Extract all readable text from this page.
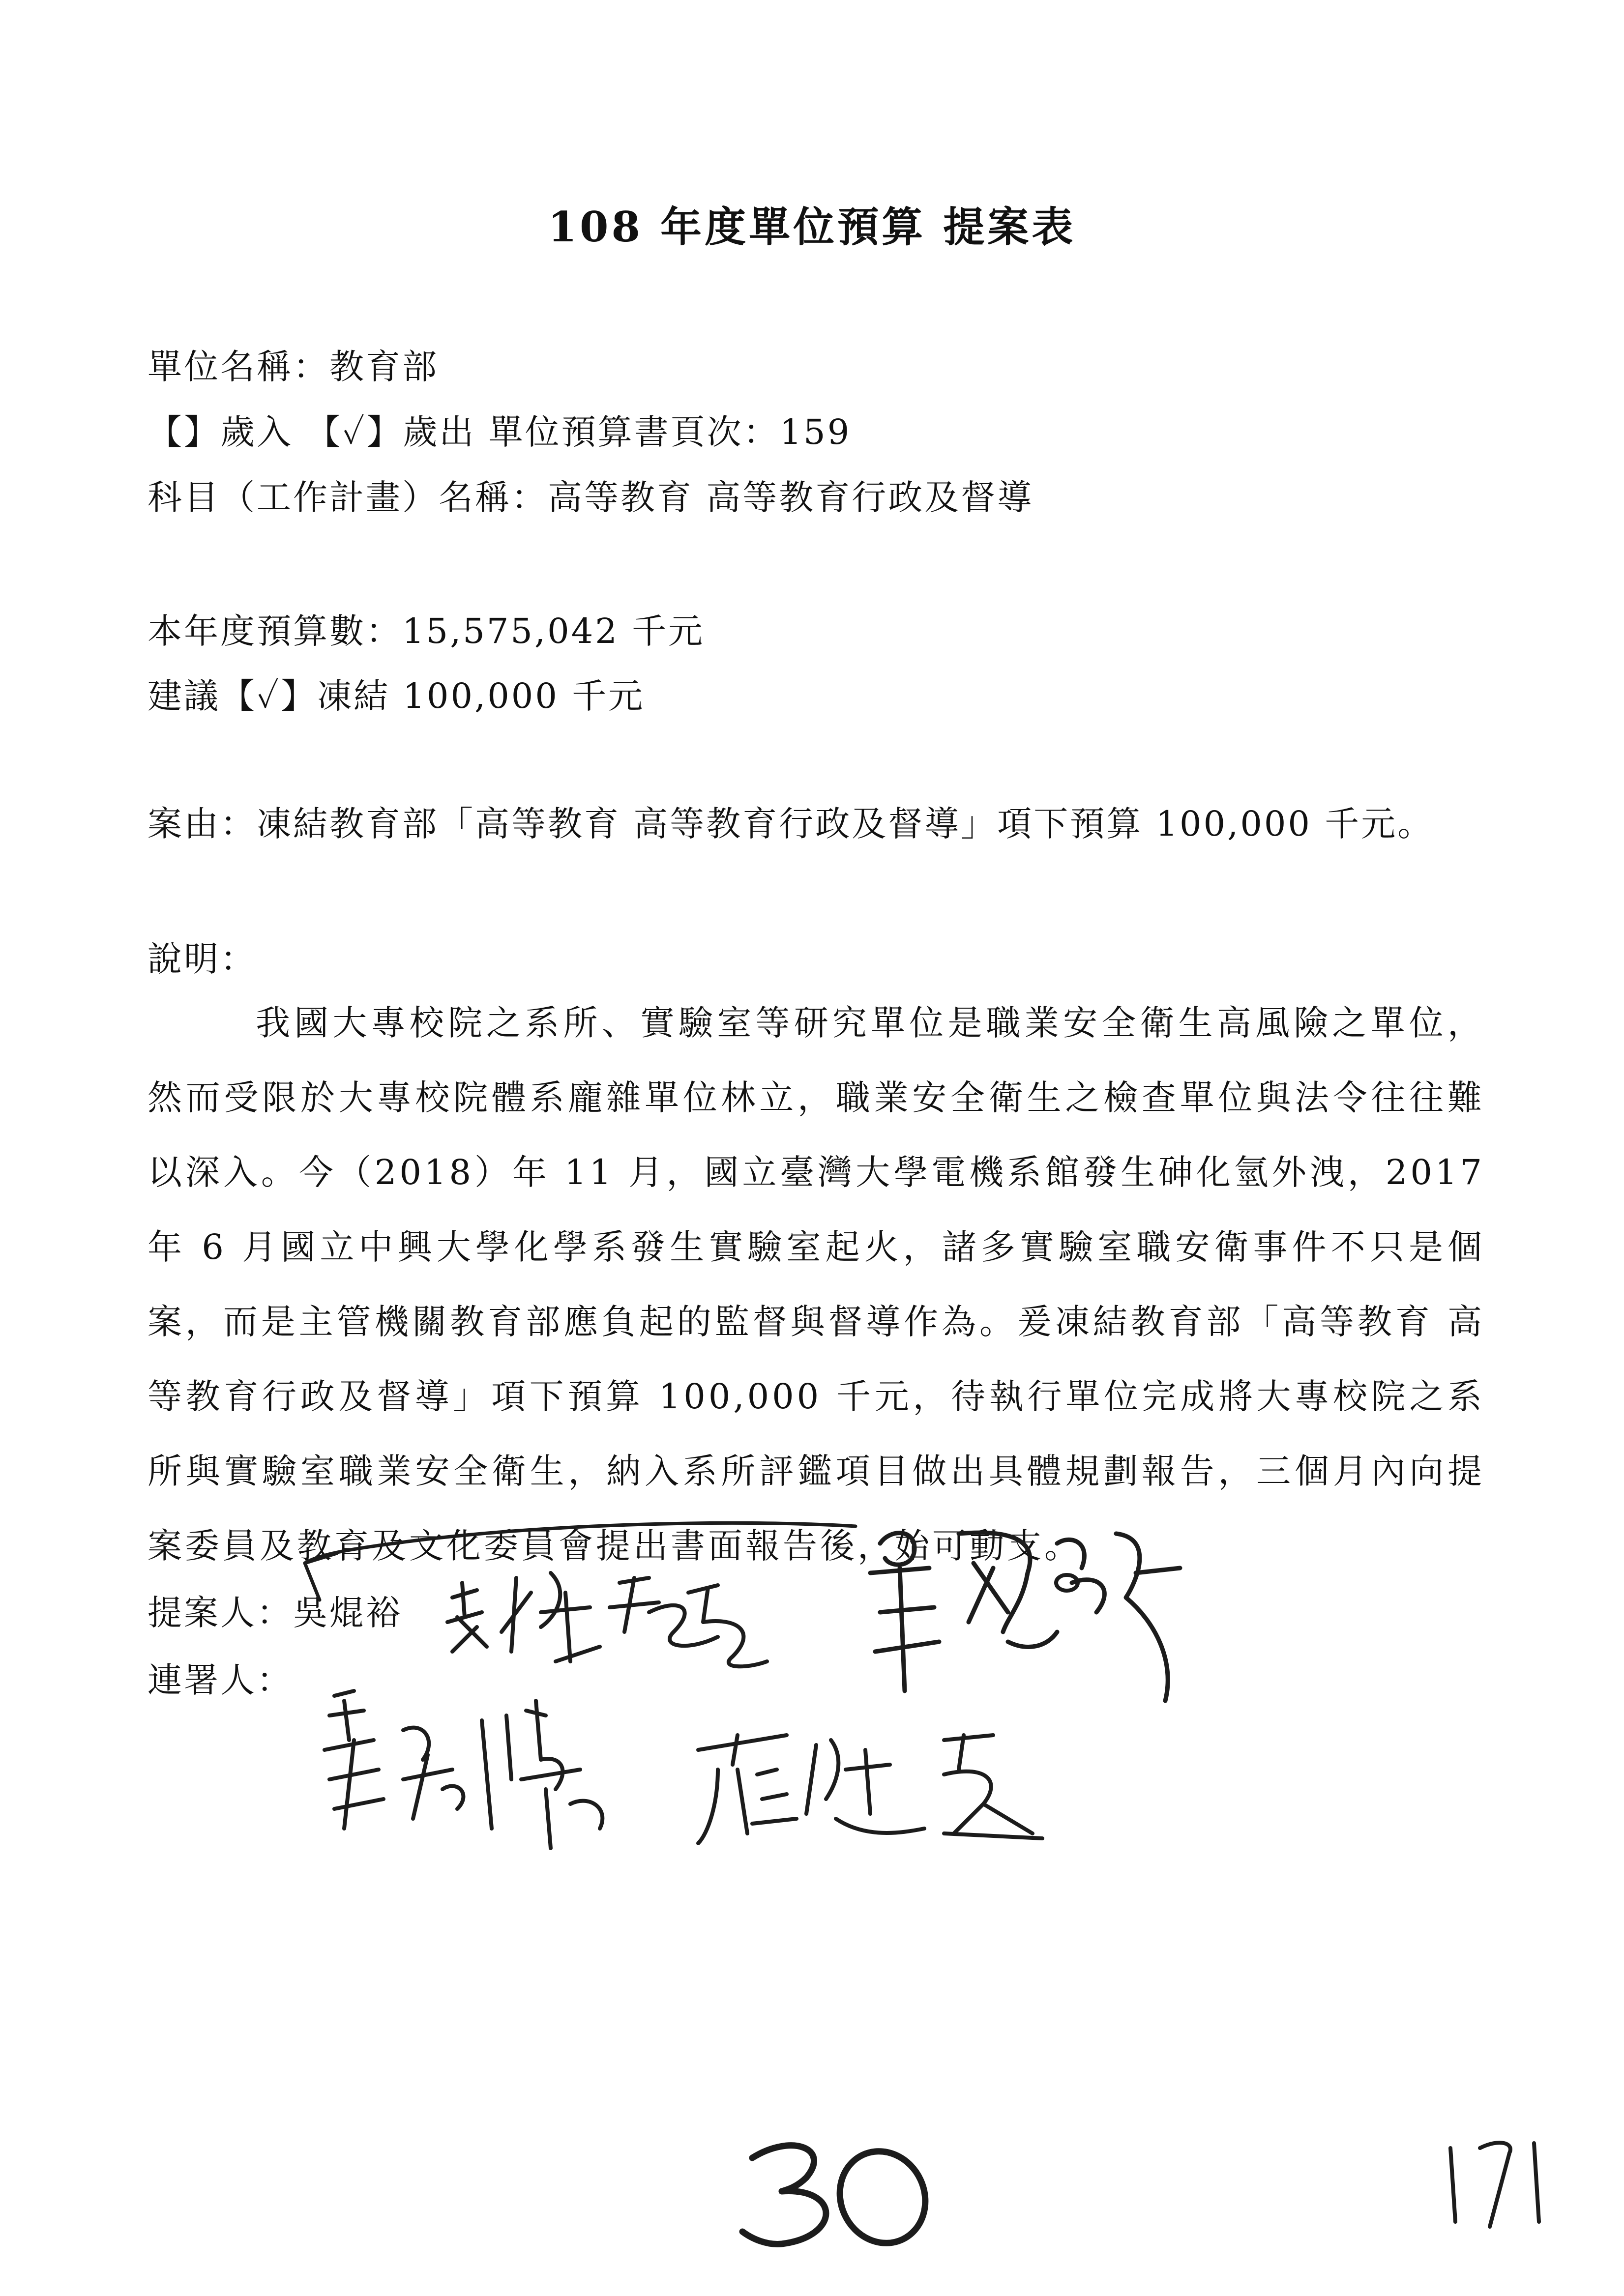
108 年度單位預算 提案表
單位名稱：教育部
【】歲入 【✓】歲出 單位預算書頁次：159
科目（工作計畫）名稱：高等教育 高等教育行政及督導
本年度預算數：15,575,042 千元
建議【✓】凍結 100,000 千元
案由：凍結教育部「高等教育 高等教育行政及督導」項下預算 100,000 千元。
說明：

我國大專校院之系所、實驗室等研究單位是職業安全衛生高風險之單位，然而受限於大專校院體系龐雜單位林立，職業安全衛生之檢查單位與法令往往難以深入。今（2018）年 11 月，國立臺灣大學電機系館發生砷化氫外洩，2017 年 6 月國立中興大學化學系發生實驗室起火，諸多實驗室職安衛事件不只是個案，而是主管機關教育部應負起的監督與督導作為。爰凍結教育部「高等教育 高等教育行政及督導」項下預算 100,000 千元，待執行單位完成將大專校院之系所與實驗室職業安全衛生，納入系所評鑑項目做出具體規劃報告，三個月內向提案委員及教育及文化委員會提出書面報告後，始可動支。

提案人：吳焜裕
連署人：
